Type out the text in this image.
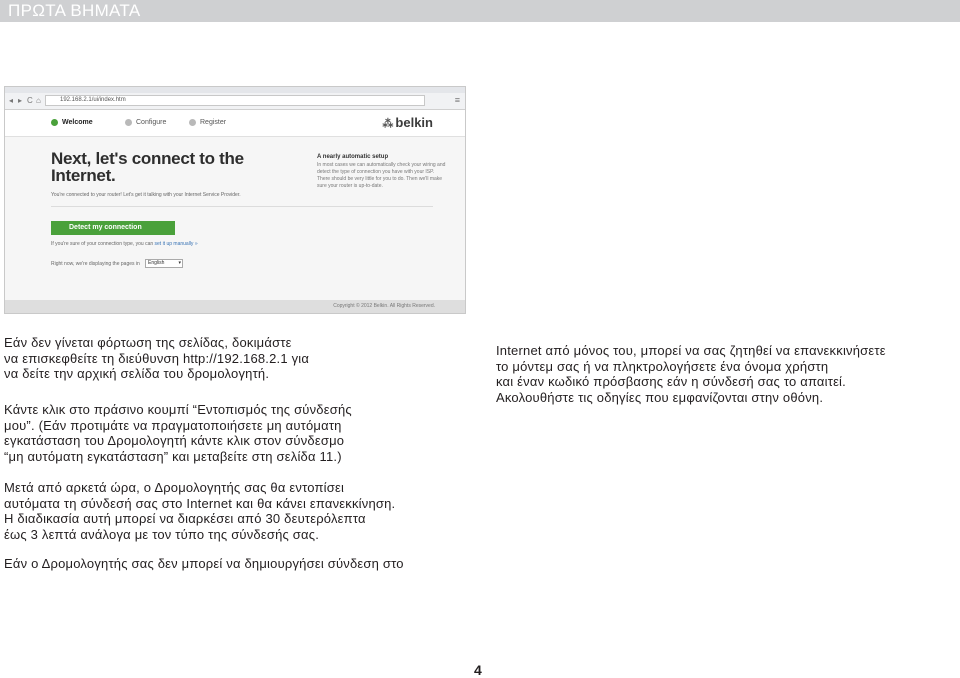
ΠΡΩΤΑ ΒΗΜΑΤΑ
◂ ▸ C ⌂	192.168.2.1/ui/index.htm	≡
Welcome	Configure	Register	⁂ belkin
Next, let's connect to the
Internet.
You're connected to your router! Let's get it talking with your Internet Service Provider.
A nearly automatic setup
In most cases we can automatically check your wiring and detect the type of connection you have with your ISP. There should be very little for you to do. Then we'll make sure your router is up-to-date.
Detect my connection
If you're sure of your connection type, you can set it up manually »
Right now, we're displaying the pages in	English	▾
Copyright © 2012 Belkin. All Rights Reserved.
Εάν δεν γίνεται φόρτωση της σελίδας, δοκιμάστε
να επισκεφθείτε τη διεύθυνση http://192.168.2.1 για
να δείτε την αρχική σελίδα του δρομολογητή.
Κάντε κλικ στο πράσινο κουμπί “Εντοπισμός της σύνδεσής
μου”. (Εάν προτιμάτε να πραγματοποιήσετε μη αυτόματη
εγκατάσταση του Δρομολογητή κάντε κλικ στον σύνδεσμο
“μη αυτόματη εγκατάσταση” και μεταβείτε στη σελίδα 11.)
Μετά από αρκετά ώρα, ο Δρομολογητής σας θα εντοπίσει
αυτόματα τη σύνδεσή σας στο Internet και θα κάνει επανεκκίνηση.
Η διαδικασία αυτή μπορεί να διαρκέσει από 30 δευτερόλεπτα
έως 3 λεπτά ανάλογα με τον τύπο της σύνδεσής σας.
Εάν ο Δρομολογητής σας δεν μπορεί να δημιουργήσει σύνδεση στο
Internet από μόνος του, μπορεί να σας ζητηθεί να επανεκκινήσετε
το μόντεμ σας ή να πληκτρολογήσετε ένα όνομα χρήστη
και έναν κωδικό πρόσβασης εάν η σύνδεσή σας το απαιτεί.
Ακολουθήστε τις οδηγίες που εμφανίζονται στην οθόνη.
4
